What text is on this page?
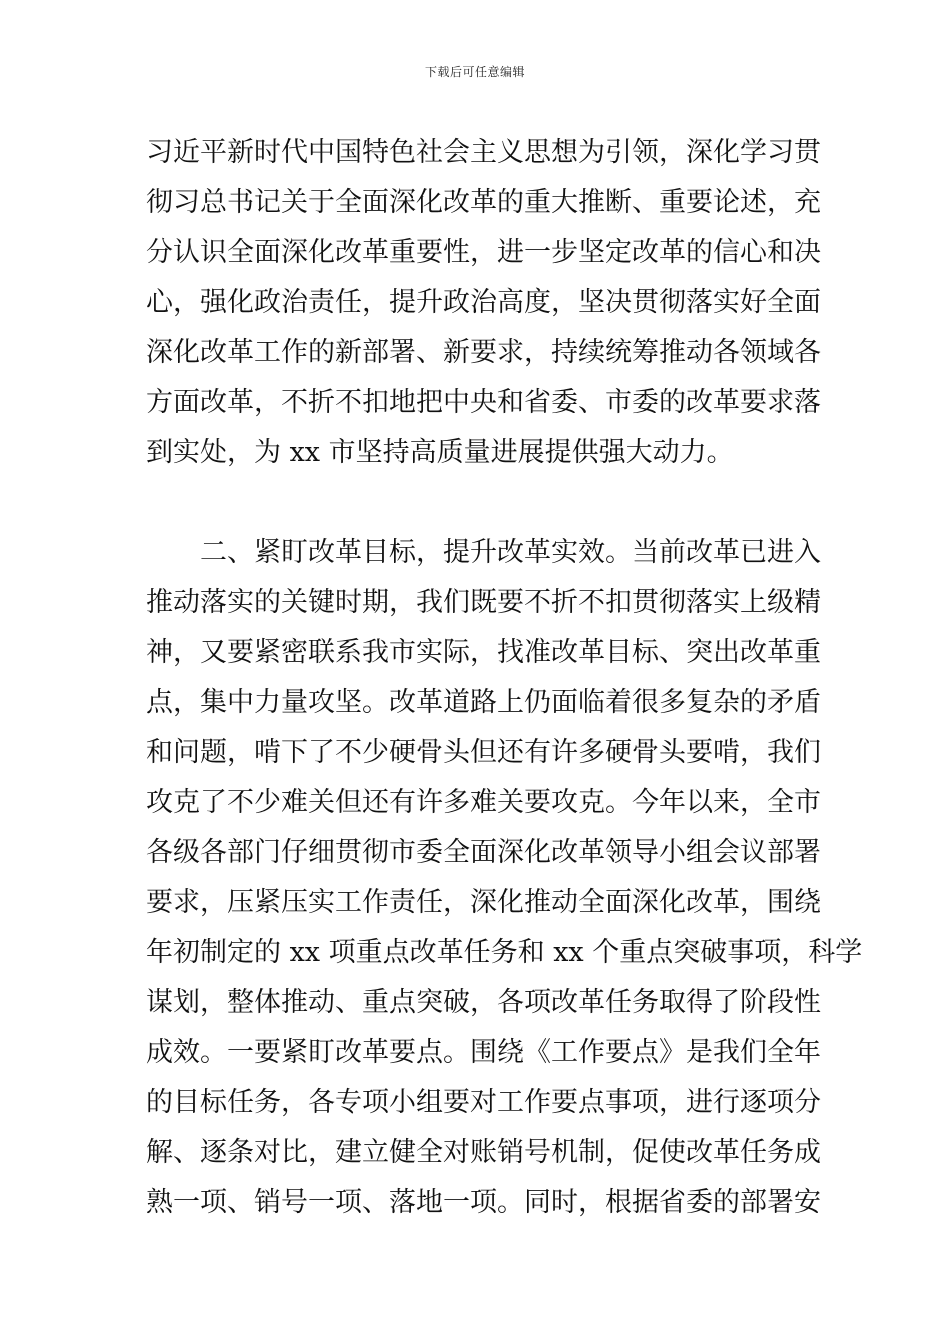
下载后可任意编辑
习近平新时代中国特色社会主义思想为引领，深化学习贯
彻习总书记关于全面深化改革的重大推断、重要论述，充
分认识全面深化改革重要性，进一步坚定改革的信心和决
心，强化政治责任，提升政治高度，坚决贯彻落实好全面
深化改革工作的新部署、新要求，持续统筹推动各领域各
方面改革，不折不扣地把中央和省委、市委的改革要求落
到实处，为 xx 市坚持高质量进展提供强大动力。
　　二、紧盯改革目标，提升改革实效。当前改革已进入
推动落实的关键时期，我们既要不折不扣贯彻落实上级精
神，又要紧密联系我市实际，找准改革目标、突出改革重
点，集中力量攻坚。改革道路上仍面临着很多复杂的矛盾
和问题，啃下了不少硬骨头但还有许多硬骨头要啃，我们
攻克了不少难关但还有许多难关要攻克。今年以来，全市
各级各部门仔细贯彻市委全面深化改革领导小组会议部署
要求，压紧压实工作责任，深化推动全面深化改革，围绕
年初制定的 xx 项重点改革任务和 xx 个重点突破事项，科学
谋划，整体推动、重点突破，各项改革任务取得了阶段性
成效。一要紧盯改革要点。围绕《工作要点》是我们全年
的目标任务，各专项小组要对工作要点事项，进行逐项分
解、逐条对比，建立健全对账销号机制，促使改革任务成
熟一项、销号一项、落地一项。同时，根据省委的部署安
